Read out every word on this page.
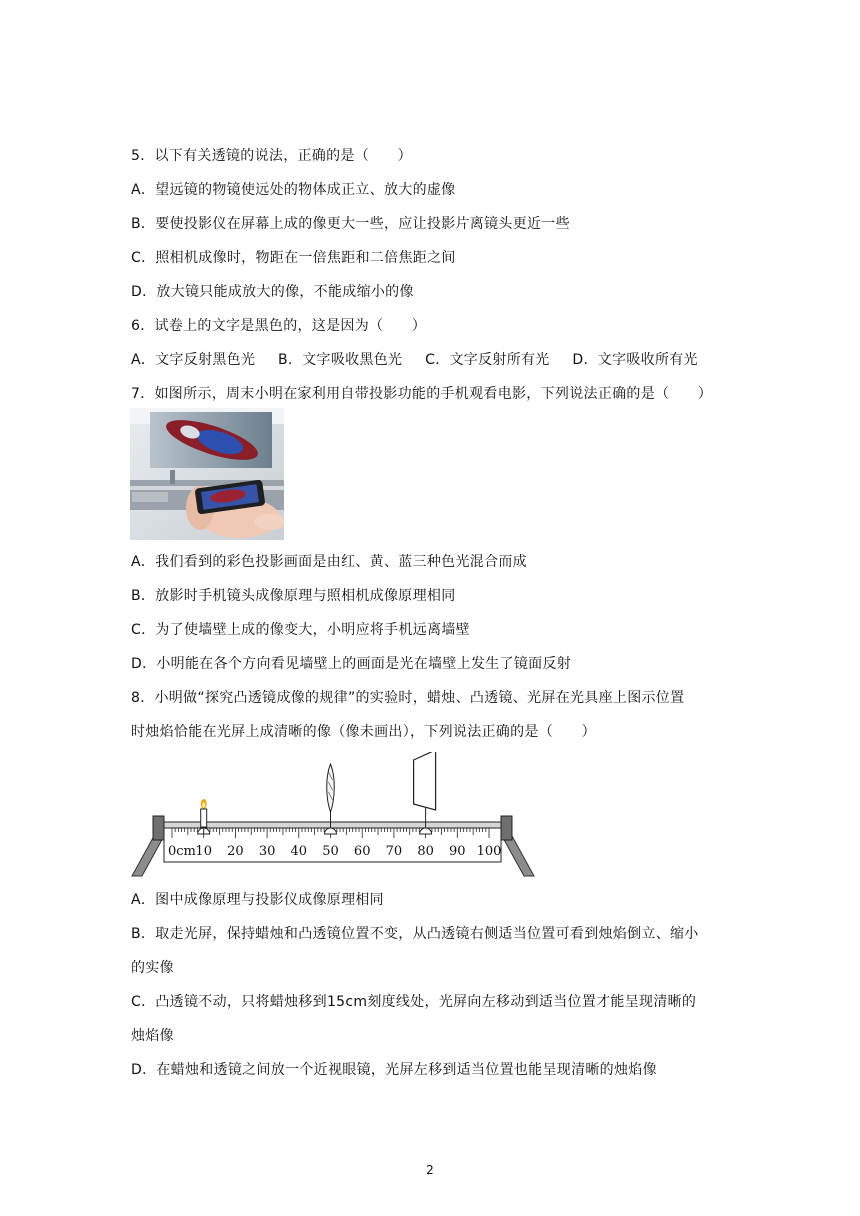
5．以下有关透镜的说法，正确的是（　　）
A．望远镜的物镜使远处的物体成正立、放大的虚像
B．要使投影仪在屏幕上成的像更大一些，应让投影片离镜头更近一些
C．照相机成像时，物距在一倍焦距和二倍焦距之间
D．放大镜只能成放大的像，不能成缩小的像
6．试卷上的文字是黑色的，这是因为（　　）
A．文字反射黑色光 B．文字吸收黑色光 C．文字反射所有光 D．文字吸收所有光
7．如图所示，周末小明在家利用自带投影功能的手机观看电影，下列说法正确的是（　　）
A．我们看到的彩色投影画面是由红、黄、蓝三种色光混合而成
B．放影时手机镜头成像原理与照相机成像原理相同
C．为了使墙壁上成的像变大，小明应将手机远离墙壁
D．小明能在各个方向看见墙壁上的画面是光在墙壁上发生了镜面反射
8．小明做“探究凸透镜成像的规律”的实验时，蜡烛、凸透镜、光屏在光具座上图示位置
时烛焰恰能在光屏上成清晰的像（像未画出），下列说法正确的是（　　）
0cm 10 20 30 40 50 60 70 80 90 100
A．图中成像原理与投影仪成像原理相同
B．取走光屏，保持蜡烛和凸透镜位置不变，从凸透镜右侧适当位置可看到烛焰倒立、缩小
的实像
C．凸透镜不动，只将蜡烛移到15cm刻度线处，光屏向左移动到适当位置才能呈现清晰的
烛焰像
D．在蜡烛和透镜之间放一个近视眼镜，光屏左移到适当位置也能呈现清晰的烛焰像
2
